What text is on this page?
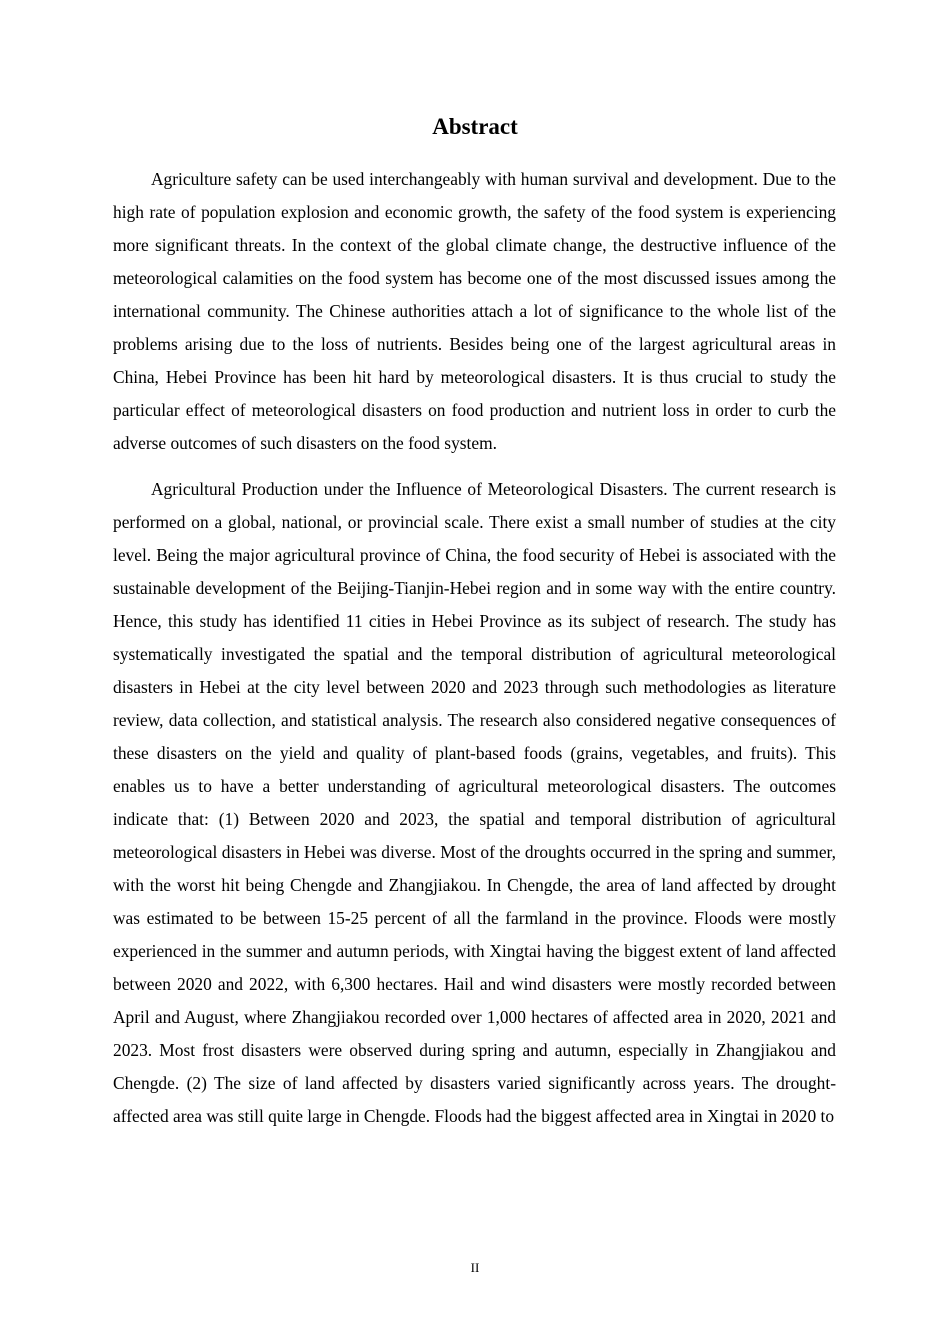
Abstract

Agriculture safety can be used interchangeably with human survival and development. Due to the high rate of population explosion and economic growth, the safety of the food system is experiencing more significant threats. In the context of the global climate change, the destructive influence of the meteorological calamities on the food system has become one of the most discussed issues among the international community. The Chinese authorities attach a lot of significance to the whole list of the problems arising due to the loss of nutrients. Besides being one of the largest agricultural areas in China, Hebei Province has been hit hard by meteorological disasters. It is thus crucial to study the particular effect of meteorological disasters on food production and nutrient loss in order to curb the adverse outcomes of such disasters on the food system.

Agricultural Production under the Influence of Meteorological Disasters. The current research is performed on a global, national, or provincial scale. There exist a small number of studies at the city level. Being the major agricultural province of China, the food security of Hebei is associated with the sustainable development of the Beijing-Tianjin-Hebei region and in some way with the entire country. Hence, this study has identified 11 cities in Hebei Province as its subject of research. The study has systematically investigated the spatial and the temporal distribution of agricultural meteorological disasters in Hebei at the city level between 2020 and 2023 through such methodologies as literature review, data collection, and statistical analysis. The research also considered negative consequences of these disasters on the yield and quality of plant-based foods (grains, vegetables, and fruits). This enables us to have a better understanding of agricultural meteorological disasters. The outcomes indicate that: (1) Between 2020 and 2023, the spatial and temporal distribution of agricultural meteorological disasters in Hebei was diverse. Most of the droughts occurred in the spring and summer, with the worst hit being Chengde and Zhangjiakou. In Chengde, the area of land affected by drought was estimated to be between 15-25 percent of all the farmland in the province. Floods were mostly experienced in the summer and autumn periods, with Xingtai having the biggest extent of land affected between 2020 and 2022, with 6,300 hectares. Hail and wind disasters were mostly recorded between April and August, where Zhangjiakou recorded over 1,000 hectares of affected area in 2020, 2021 and 2023. Most frost disasters were observed during spring and autumn, especially in Zhangjiakou and Chengde. (2) The size of land affected by disasters varied significantly across years. The drought-affected area was still quite large in Chengde. Floods had the biggest affected area in Xingtai in 2020 to

II
